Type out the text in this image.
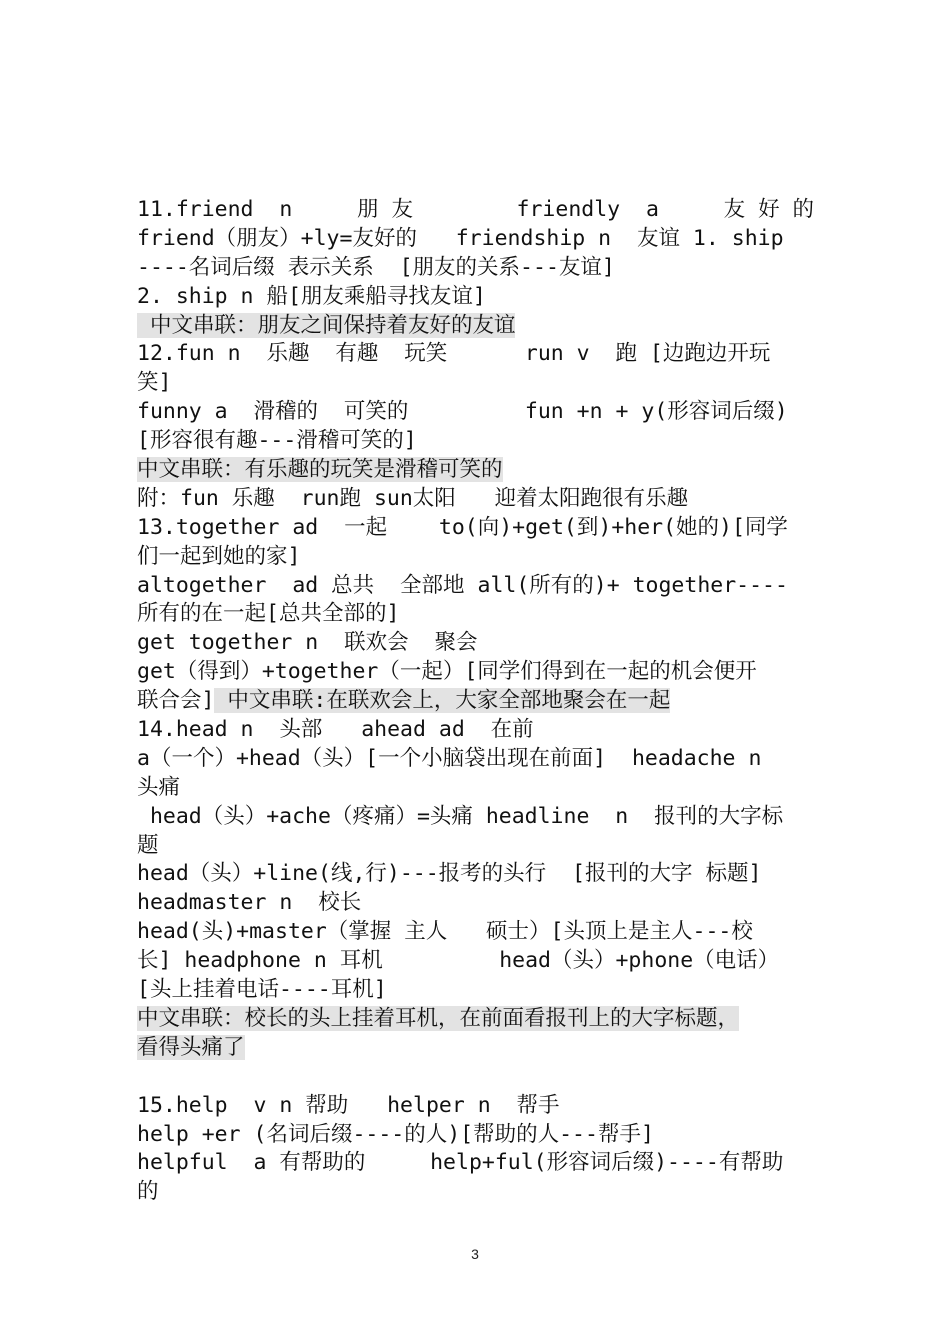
11.friend  n     朋 友        friendly  a     友 好 的
friend（朋友）+ly=友好的   friendship n  友谊 1. ship
----名词后缀 表示关系  [朋友的关系---友谊]
2. ship n 船[朋友乘船寻找友谊]
中文串联：朋友之间保持着友好的友谊
12.fun n  乐趣  有趣  玩笑      run v  跑 [边跑边开玩
笑]
funny a  滑稽的  可笑的         fun +n + y(形容词后缀)
[形容很有趣---滑稽可笑的]
中文串联：有乐趣的玩笑是滑稽可笑的
附：fun 乐趣  run跑 sun太阳   迎着太阳跑很有乐趣
13.together ad  一起    to(向)+get(到)+her(她的)[同学
们一起到她的家]
altogether  ad 总共  全部地 all(所有的)+ together----
所有的在一起[总共全部的]
get together n  联欢会  聚会
get（得到）+together（一起）[同学们得到在一起的机会便开
联合会] 中文串联:在联欢会上，大家全部地聚会在一起
14.head n  头部   ahead ad  在前
a（一个）+head（头）[一个小脑袋出现在前面]  headache n
头痛
head（头）+ache（疼痛）=头痛 headline  n  报刊的大字标
题
head（头）+line(线,行)---报考的头行  [报刊的大字 标题]
headmaster n  校长
head(头)+master（掌握 主人   硕士）[头顶上是主人---校
长] headphone n 耳机         head（头）+phone（电话）
[头上挂着电话----耳机]
中文串联：校长的头上挂着耳机，在前面看报刊上的大字标题，
看得头痛了
15.help  v n 帮助   helper n  帮手
help +er (名词后缀----的人)[帮助的人---帮手]
helpful  a 有帮助的     help+ful(形容词后缀)----有帮助
的
3
